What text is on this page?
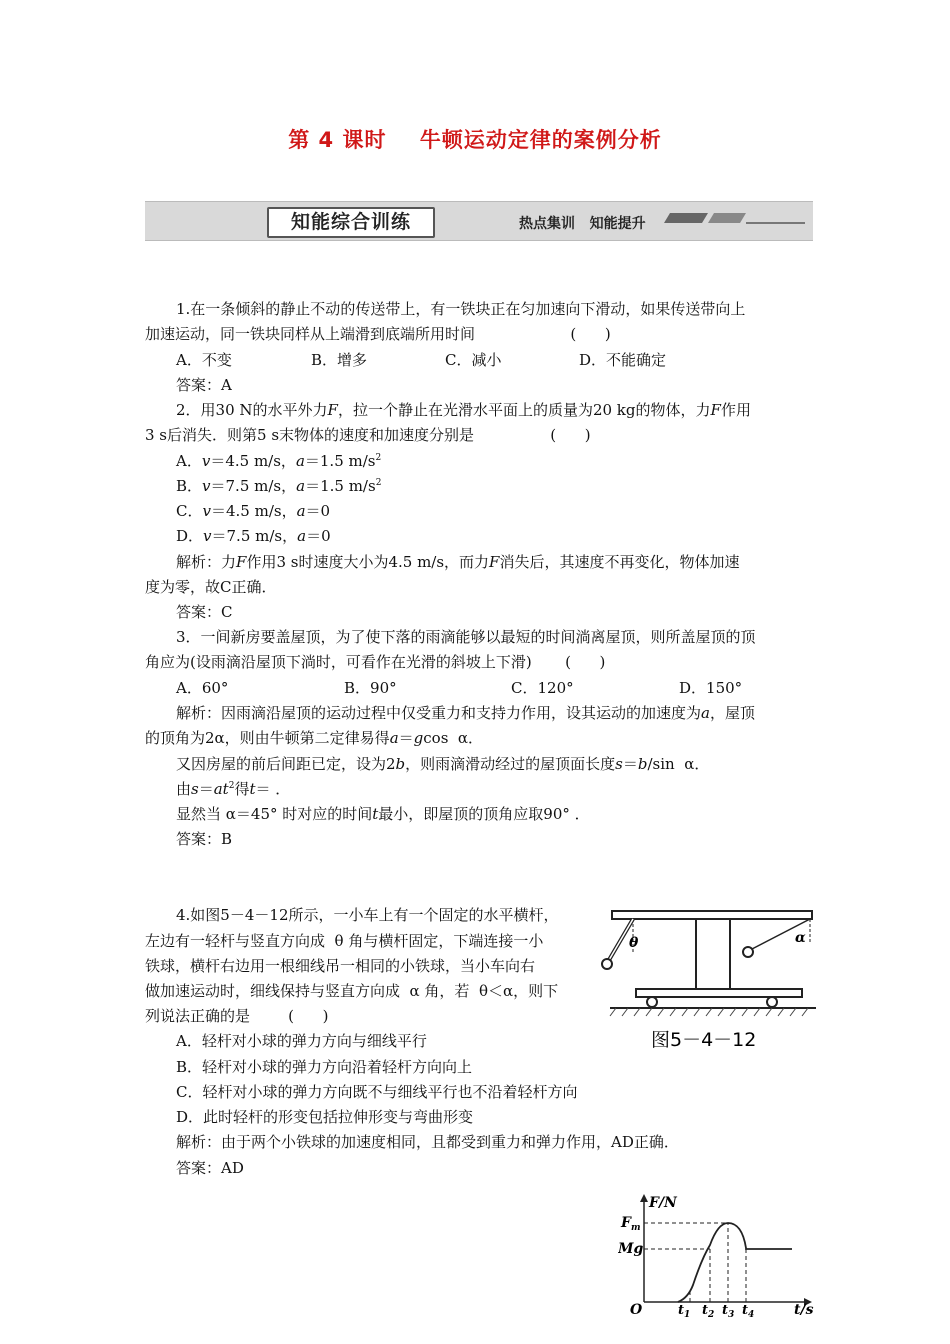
第 4 课时    牛顿运动定律的案例分析
知能综合训练	热点集训   知能提升
1.在一条倾斜的静止不动的传送带上，有一铁块正在匀加速向下滑动，如果传送带向上
加速运动，同一铁块同样从上端滑到底端所用时间                    (      )
A．不变	B．增多	C．减小	D．不能确定
答案：A
2．用30 N的水平外力F，拉一个静止在光滑水平面上的质量为20 kg的物体，力F作用
3 s后消失．则第5 s末物体的速度和加速度分别是                (      )
A．v＝4.5 m/s，a＝1.5 $m/s^2$
B．v＝7.5 m/s，a＝1.5 $m/s^2$
C．v＝4.5 m/s，a＝0
D．v＝7.5 m/s，a＝0
解析：力F作用3 s时速度大小为4.5 m/s，而力F消失后，其速度不再变化，物体加速
度为零，故C正确．
答案：C
3．一间新房要盖屋顶，为了使下落的雨滴能够以最短的时间淌离屋顶，则所盖屋顶的顶
角应为(设雨滴沿屋顶下淌时，可看作在光滑的斜坡上下滑)       (      )
A．60°	B．90°	C．120°	D．150°
解析：因雨滴沿屋顶的运动过程中仅受重力和支持力作用，设其运动的加速度为a，屋顶
的顶角为2α，则由牛顿第二定律易得a＝gcos  α．
又因房屋的前后间距已定，设为2b，则雨滴滑动经过的屋顶面长度s＝b/sin  α．
由$s=at^2$得t＝ ．
显然当 α＝45° 时对应的时间t最小，即屋顶的顶角应取90° ．
答案：B
4.如图5－4－12所示，一小车上有一个固定的水平横杆，
左边有一轻杆与竖直方向成  θ 角与横杆固定，下端连接一小
铁球，横杆右边用一根细线吊一相同的小铁球，当小车向右
做加速运动时，细线保持与竖直方向成  α 角，若  θ＜α，则下
列说法正确的是        (      )
A．轻杆对小球的弹力方向与细线平行
B．轻杆对小球的弹力方向沿着轻杆方向向上
C．轻杆对小球的弹力方向既不与细线平行也不沿着轻杆方向
D．此时轻杆的形变包括拉伸形变与弯曲形变
解析：由于两个小铁球的加速度相同，且都受到重力和弹力作用，AD正确．
答案：AD
θ	α
图5－4－12
F/N
t/s
O
$F_m$
Mg
$t_1$ $t_2$ $t_3$ $t_4$
